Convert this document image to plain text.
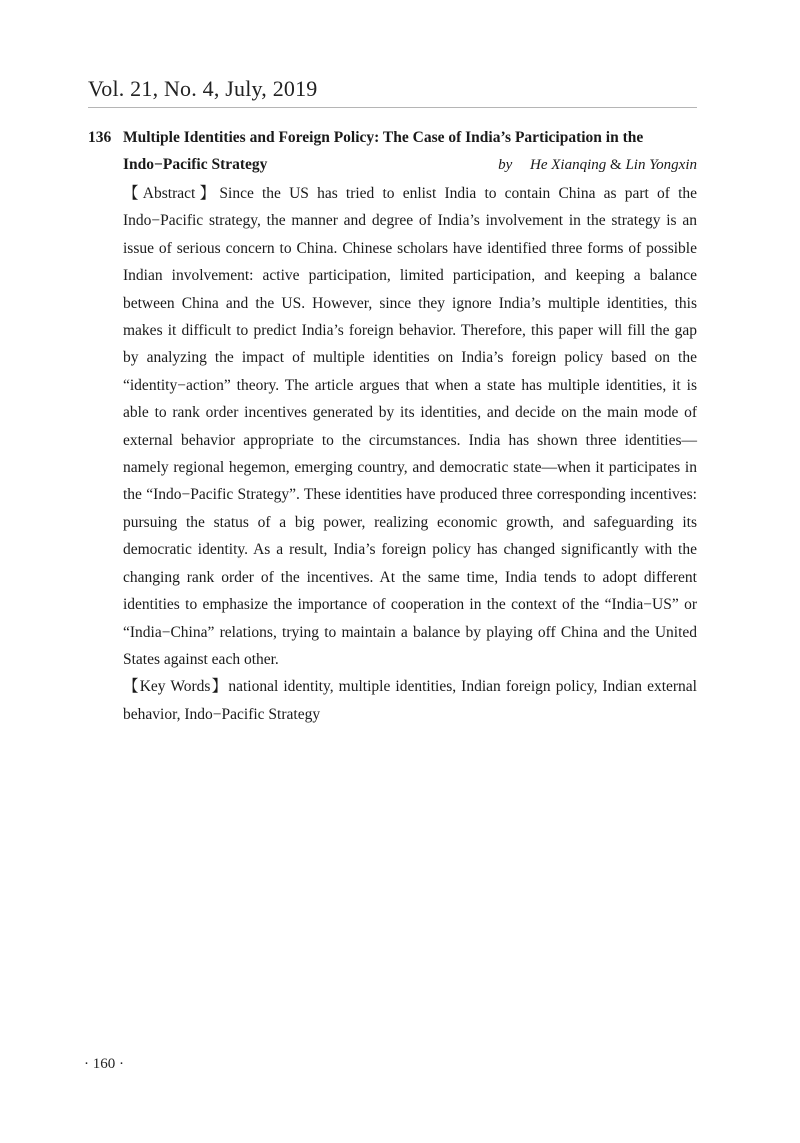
Vol. 21, No. 4, July, 2019
136 Multiple Identities and Foreign Policy: The Case of India’s Participation in the
Indo−Pacific Strategy	by He Xianqing & Lin Yongxin
【Abstract】Since the US has tried to enlist India to contain China as part of the Indo−Pacific strategy, the manner and degree of India’s involvement in the strategy is an issue of serious concern to China. Chinese scholars have identified three forms of possible Indian involvement: active participation, limited participation, and keeping a balance between China and the US. However, since they ignore India’s multiple identities, this makes it difficult to predict India’s foreign behavior. Therefore, this paper will fill the gap by analyzing the impact of multiple identities on India’s foreign policy based on the “identity−action” theory. The article argues that when a state has multiple identities, it is able to rank order incentives generated by its identities, and decide on the main mode of external behavior appropriate to the circumstances. India has shown three identities—namely regional hegemon, emerging country, and democratic state—when it participates in the “Indo−Pacific Strategy”. These identities have produced three corresponding incentives: pursuing the status of a big power, realizing economic growth, and safeguarding its democratic identity. As a result, India’s foreign policy has changed significantly with the changing rank order of the incentives. At the same time, India tends to adopt different identities to emphasize the importance of cooperation in the context of the “India−US” or “India−China” relations, trying to maintain a balance by playing off China and the United States against each other.
【Key Words】national identity, multiple identities, Indian foreign policy, Indian external behavior, Indo−Pacific Strategy
· 160 ·
